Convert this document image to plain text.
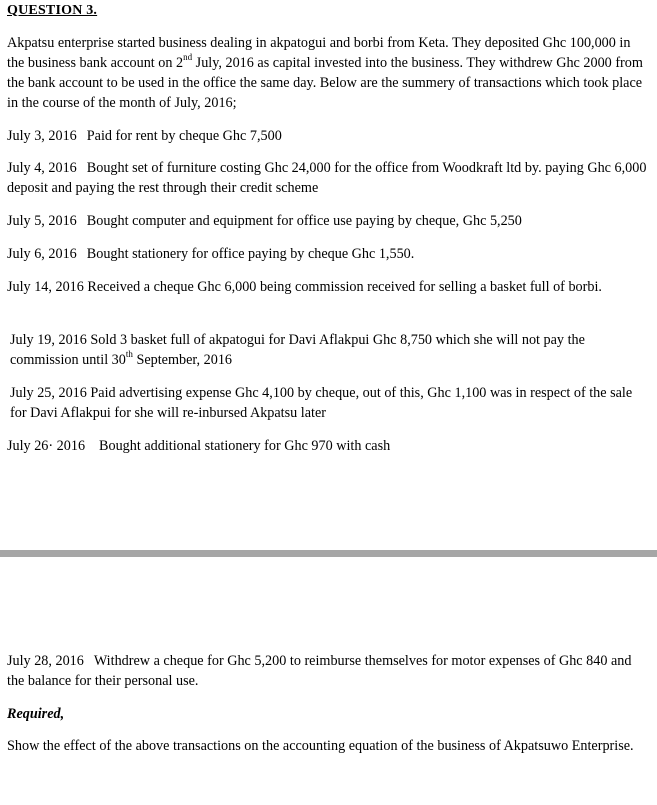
QUESTION 3.

Akpatsu enterprise started business dealing in akpatogui and borbi from Keta. They deposited Ghc 100,000 in the business bank account on 2nd July, 2016 as capital invested into the business. They withdrew Ghc 2000 from the bank account to be used in the office the same day. Below are the summery of transactions which took place in the course of the month of July, 2016;

July 3, 2016 Paid for rent by cheque Ghc 7,500

July 4, 2016 Bought set of furniture costing Ghc 24,000 for the office from Woodkraft ltd by. paying Ghc 6,000 deposit and paying the rest through their credit scheme

July 5, 2016 Bought computer and equipment for office use paying by cheque, Ghc 5,250

July 6, 2016 Bought stationery for office paying by cheque Ghc 1,550.

July 14, 2016 Received a cheque Ghc 6,000 being commission received for selling a basket full of borbi.

July 19, 2016 Sold 3 basket full of akpatogui for Davi Aflakpui Ghc 8,750 which she will not pay the commission until 30th September, 2016

July 25, 2016 Paid advertising expense Ghc 4,100 by cheque, out of this, Ghc 1,100 was in respect of the sale for Davi Aflakpui for she will re-inbursed Akpatsu later

July 26· 2016 Bought additional stationery for Ghc 970 with cash

July 28, 2016 Withdrew a cheque for Ghc 5,200 to reimburse themselves for motor expenses of Ghc 840 and the balance for their personal use.

Required,

Show the effect of the above transactions on the accounting equation of the business of Akpatsuwo Enterprise.
